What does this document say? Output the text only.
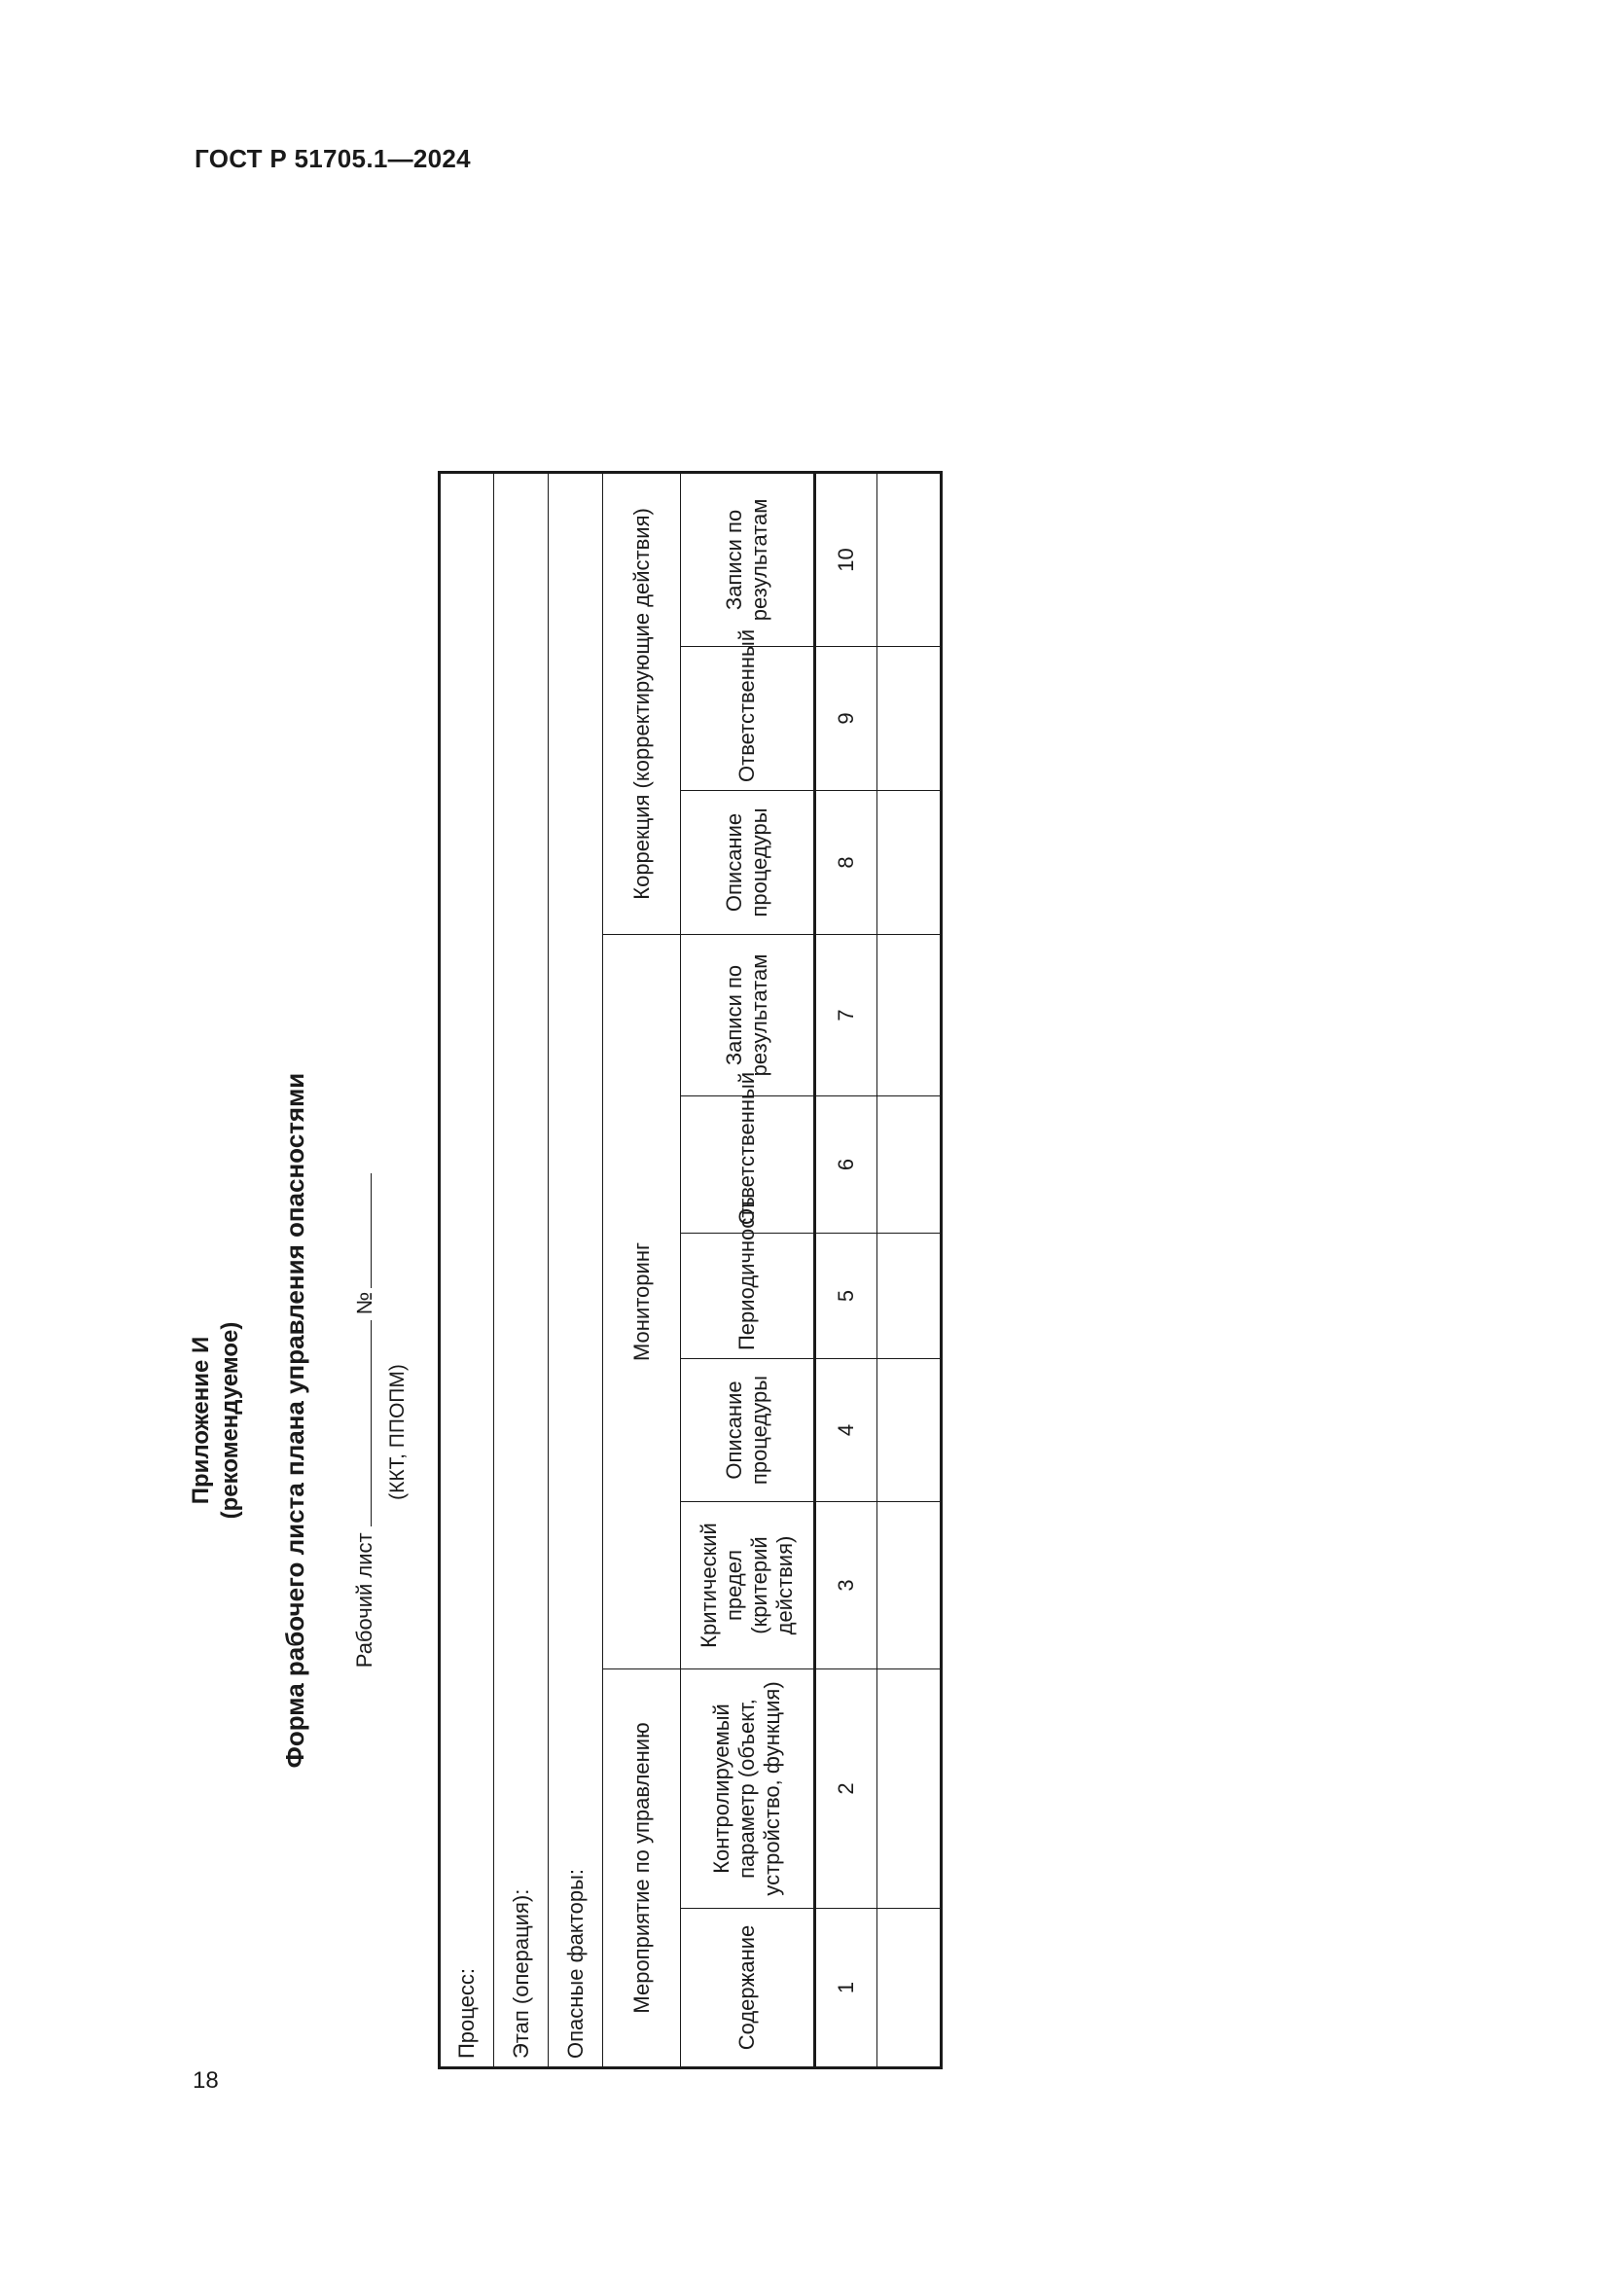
ГОСТ Р 51705.1—2024
18
Приложение И (рекомендуемое) Форма рабочего листа плана управления опасностями Рабочий лист
№
(ККТ, ППОПМ)
Процесс:									
Этап (операция):									
Опасные факторы:									
Мероприятие по управлению		Мониторинг					Коррекция (корректирующие действия)		
Содержание	Контролируемый параметр (объект, устройство, функция)	Критический предел (критерий действия)	Описание процедуры	Периодичность	Ответственный	Записи по результатам	Описание процедуры	Ответственный	Записи по результатам
1	2	3	4	5	6	7	8	9	10
